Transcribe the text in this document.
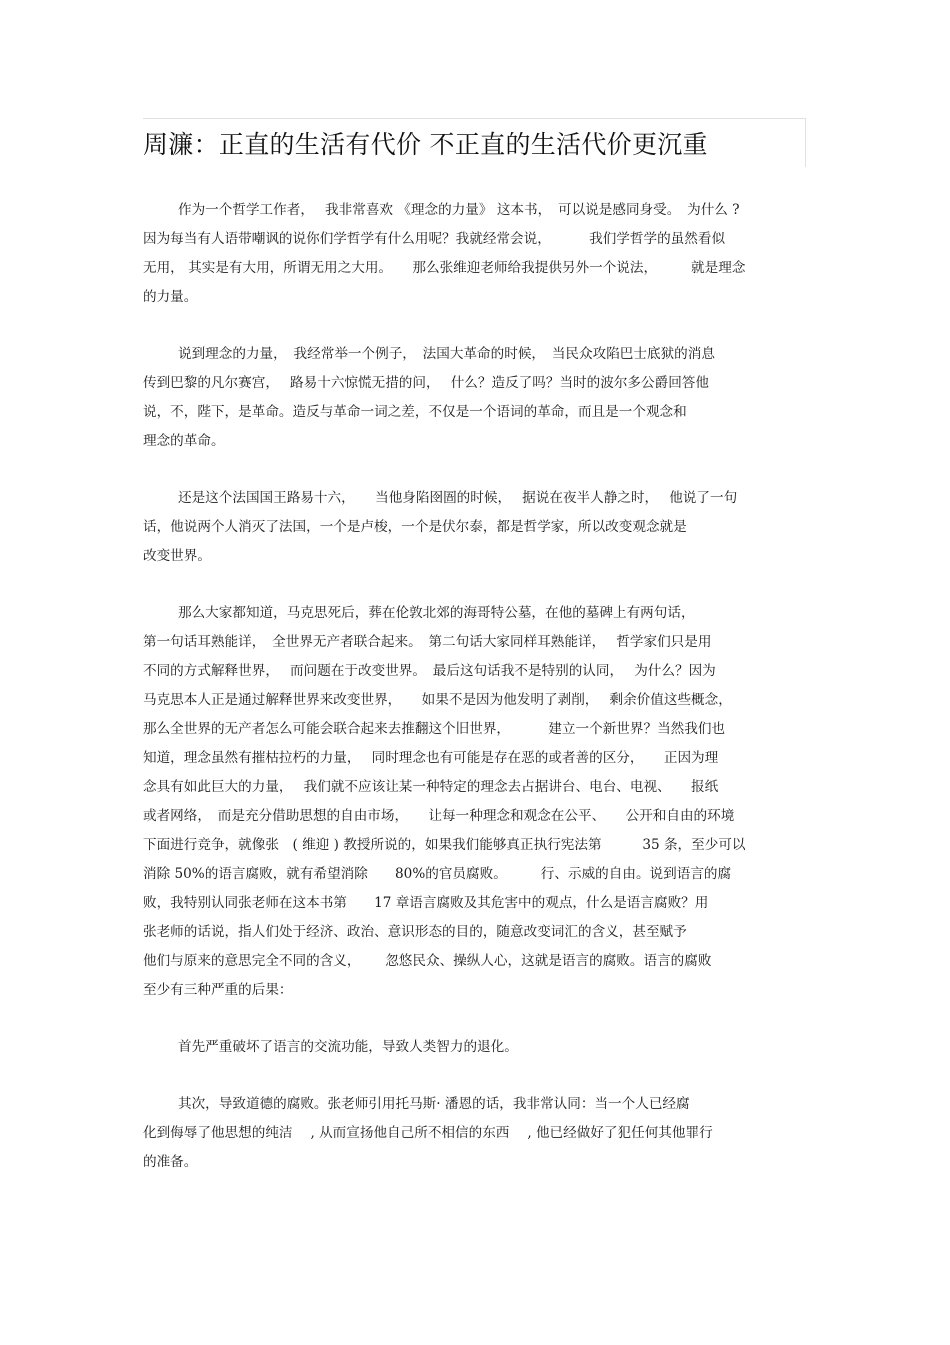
周濂：正直的生活有代价 不正直的生活代价更沉重

作为一个哲学工作者，　 我非常喜欢 《理念的力量》 这本书，　可以说是感同身受。　为什么 ?
因为每当有人语带嘲讽的说你们学哲学有什么用呢？我就经常会说，　　　 我们学哲学的虽然看似
无用， 其实是有大用，所谓无用之大用。　　那么张维迎老师给我提供另外一个说法，　　　就是理念
的力量。

说到理念的力量，　我经常举一个例子，　法国大革命的时候，　当民众攻陷巴士底狱的消息
传到巴黎的凡尔赛宫，　 路易十六惊慌无措的问，　 什么？造反了吗？当时的波尔多公爵回答他
说，不，陛下，是革命。造反与革命一词之差，不仅是一个语词的革命，而且是一个观念和
理念的革命。

还是这个法国国王路易十六，　　当他身陷囹圄的时候，　 据说在夜半人静之时，　 他说了一句
话，他说两个人消灭了法国，一个是卢梭，一个是伏尔泰，都是哲学家，所以改变观念就是
改变世界。

那么大家都知道，马克思死后，葬在伦敦北郊的海哥特公墓，在他的墓碑上有两句话，
第一句话耳熟能详，　全世界无产者联合起来。　第二句话大家同样耳熟能详，　 哲学家们只是用
不同的方式解释世界，　 而问题在于改变世界。　最后这句话我不是特别的认同，　 为什么？因为
马克思本人正是通过解释世界来改变世界，　　如果不是因为他发明了剥削，　 剩余价值这些概念，
那么全世界的无产者怎么可能会联合起来去推翻这个旧世界，　　　 建立一个新世界？当然我们也
知道，理念虽然有摧枯拉朽的力量，　 同时理念也有可能是存在恶的或者善的区分，　　正因为理
念具有如此巨大的力量，　 我们就不应该让某一种特定的理念去占据讲台、电台、电视、　　报纸
或者网络，　而是充分借助思想的自由市场，　　让每一种理念和观念在公平、　　公开和自由的环境
下面进行竞争，就像张　( 维迎 ) 教授所说的，如果我们能够真正执行宪法第　　　35 条，至少可以
消除 50%的语言腐败，就有希望消除　　80%的官员腐败。　　　行、示威的自由。说到语言的腐
败，我特别认同张老师在这本书第　　17 章语言腐败及其危害中的观点，什么是语言腐败？用
张老师的话说，指人们处于经济、政治、意识形态的目的，随意改变词汇的含义，甚至赋予
他们与原来的意思完全不同的含义，　　 忽悠民众、操纵人心，这就是语言的腐败。语言的腐败
至少有三种严重的后果：

首先严重破坏了语言的交流功能，导致人类智力的退化。

其次，导致道德的腐败。张老师引用托马斯· 潘恩的话，我非常认同：当一个人已经腐
化到侮辱了他思想的纯洁　 , 从而宣扬他自己所不相信的东西　 , 他已经做好了犯任何其他罪行
的准备。
